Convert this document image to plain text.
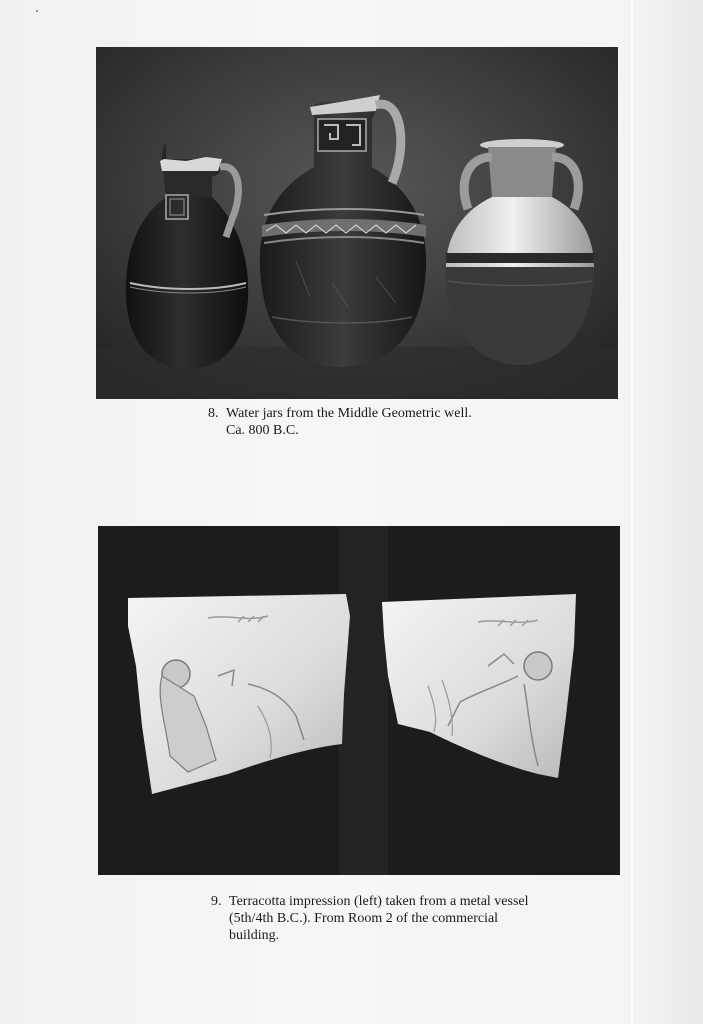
8. Water jars from the Middle Geometric well.
Ca. 800 B.C.
9. Terracotta impression (left) taken from a metal vessel
(5th/4th B.C.). From Room 2 of the commercial
building.
